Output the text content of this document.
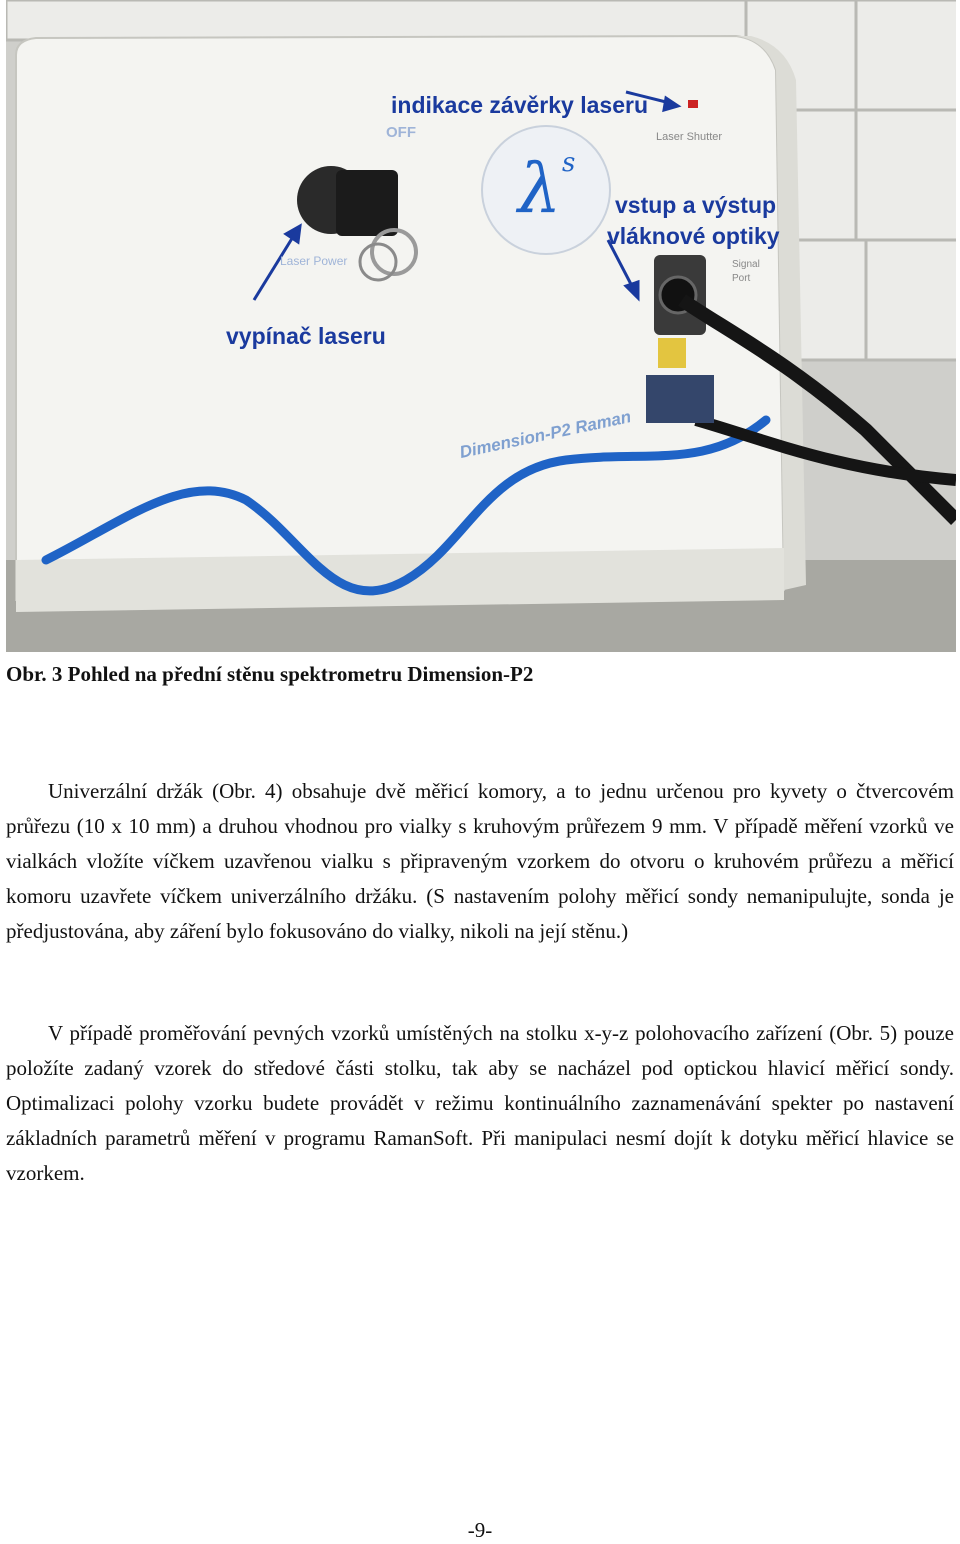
OFF
Laser Power
Laser Shutter
Signal Port
Dimension-P2 Raman
λ s
indikace závěrky laseru
vstup a výstup
vláknové optiky
vypínač laseru
Obr. 3 Pohled na přední stěnu spektrometru Dimension-P2

Univerzální držák (Obr. 4) obsahuje dvě měřicí komory, a to jednu určenou pro kyvety o čtvercovém průřezu (10 x 10 mm) a druhou vhodnou pro vialky s kruhovým průřezem 9 mm. V případě měření vzorků ve vialkách vložíte víčkem uzavřenou vialku s připraveným vzorkem do otvoru o kruhovém průřezu a měřicí komoru uzavřete víčkem univerzálního držáku. (S nastavením polohy měřicí sondy nemanipulujte, sonda je předjustována, aby záření bylo fokusováno do vialky, nikoli na její stěnu.)

V případě proměřování pevných vzorků umístěných na stolku x-y-z polohovacího zařízení (Obr. 5) pouze položíte zadaný vzorek do středové části stolku, tak aby se nacházel pod optickou hlavicí měřicí sondy. Optimalizaci polohy vzorku budete provádět v režimu kontinuálního zaznamenávání spekter po nastavení základních parametrů měření v programu RamanSoft. Při manipulaci nesmí dojít k dotyku měřicí hlavice se vzorkem.

-9-
